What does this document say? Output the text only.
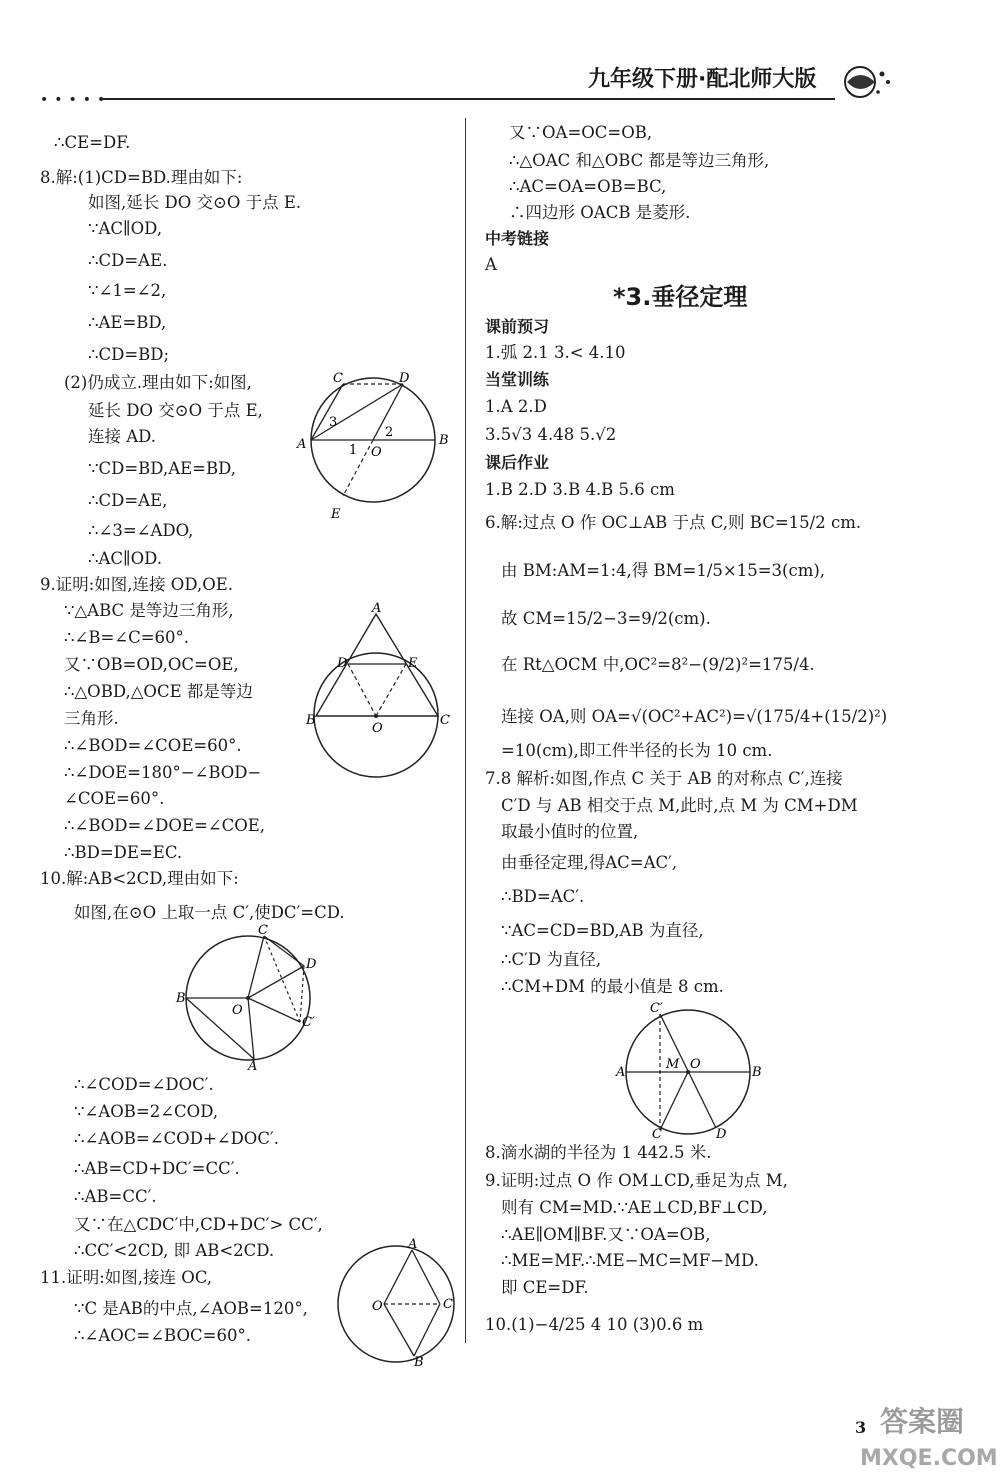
•••••
九年级下册·配北师大版
∴CE=DF.
8.解:(1)CD=BD.理由如下:
如图,延长 DO 交⊙O 于点 E.
∵AC∥OD,
∴CD=AE.
∵∠1=∠2,
∴AE=BD,
∴CD=BD;
(2)仍成立.理由如下:如图,
延长 DO 交⊙O 于点 E,
连接 AD.
∵CD=BD,AE=BD,
∴CD=AE,
∴∠3=∠ADO,
∴AC∥OD.
9.证明:如图,连接 OD,OE.
∵△ABC 是等边三角形,
∴∠B=∠C=60°.
又∵OB=OD,OC=OE,
∴△OBD,△OCE 都是等边
三角形.
∴∠BOD=∠COE=60°.
∴∠DOE=180°−∠BOD−
∠COE=60°.
∴∠BOD=∠DOE=∠COE,
∴BD=DE=EC.
10.解:AB<2CD,理由如下:
如图,在⊙O 上取一点 C′,使DC′=CD.
∴∠COD=∠DOC′.
∵∠AOB=2∠COD,
∴∠AOB=∠COD+∠DOC′.
∴AB=CD+DC′=CC′.
∴AB=CC′.
又∵在△CDC′中,CD+DC′> CC′,
∴CC′<2CD, 即 AB<2CD.
11.证明:如图,接连 OC,
∵C 是AB的中点,∠AOB=120°,
∴∠AOC=∠BOC=60°.
C	D
A	B
O
E
1
2
3
A
D	E
B	C
O
C
D
B
O
C′
A
A
O	C
B
又∵OA=OC=OB,
∴△OAC 和△OBC 都是等边三角形,
∴AC=OA=OB=BC,
∴四边形 OACB 是菱形.
中考链接
A
*3.垂径定理
课前预习
1.弧 2.1 3.< 4.10
当堂训练
1.A 2.D
3.5√3 4.48 5.√2
课后作业
1.B 2.D 3.B 4.B 5.6 cm
6.解:过点 O 作 OC⊥AB 于点 C,则 BC=15/2 cm.
由 BM:AM=1:4,得 BM=1/5×15=3(cm),
故 CM=15/2−3=9/2(cm).
在 Rt△OCM 中,OC²=8²−(9/2)²=175/4.
连接 OA,则 OA=√(OC²+AC²)=√(175/4+(15/2)²)
=10(cm),即工件半径的长为 10 cm.
7.8 解析:如图,作点 C 关于 AB 的对称点 C′,连接
C′D 与 AB 相交于点 M,此时,点 M 为 CM+DM
取最小值时的位置,
由垂径定理,得AC=AC′,
∴BD=AC′.
∵AC=CD=BD,AB 为直径,
∴C′D 为直径,
∴CM+DM 的最小值是 8 cm.
8.滴水湖的半径为 1 442.5 米.
9.证明:过点 O 作 OM⊥CD,垂足为点 M,
则有 CM=MD.∵AE⊥CD,BF⊥CD,
∴AE∥OM∥BF.又∵OA=OB,
∴ME=MF.∴ME−MC=MF−MD.
即 CE=DF.
10.(1)−4/25 4 10 (3)0.6 m
C′
A
M O
B
C	D
3 答案圈
MXQE.COM
